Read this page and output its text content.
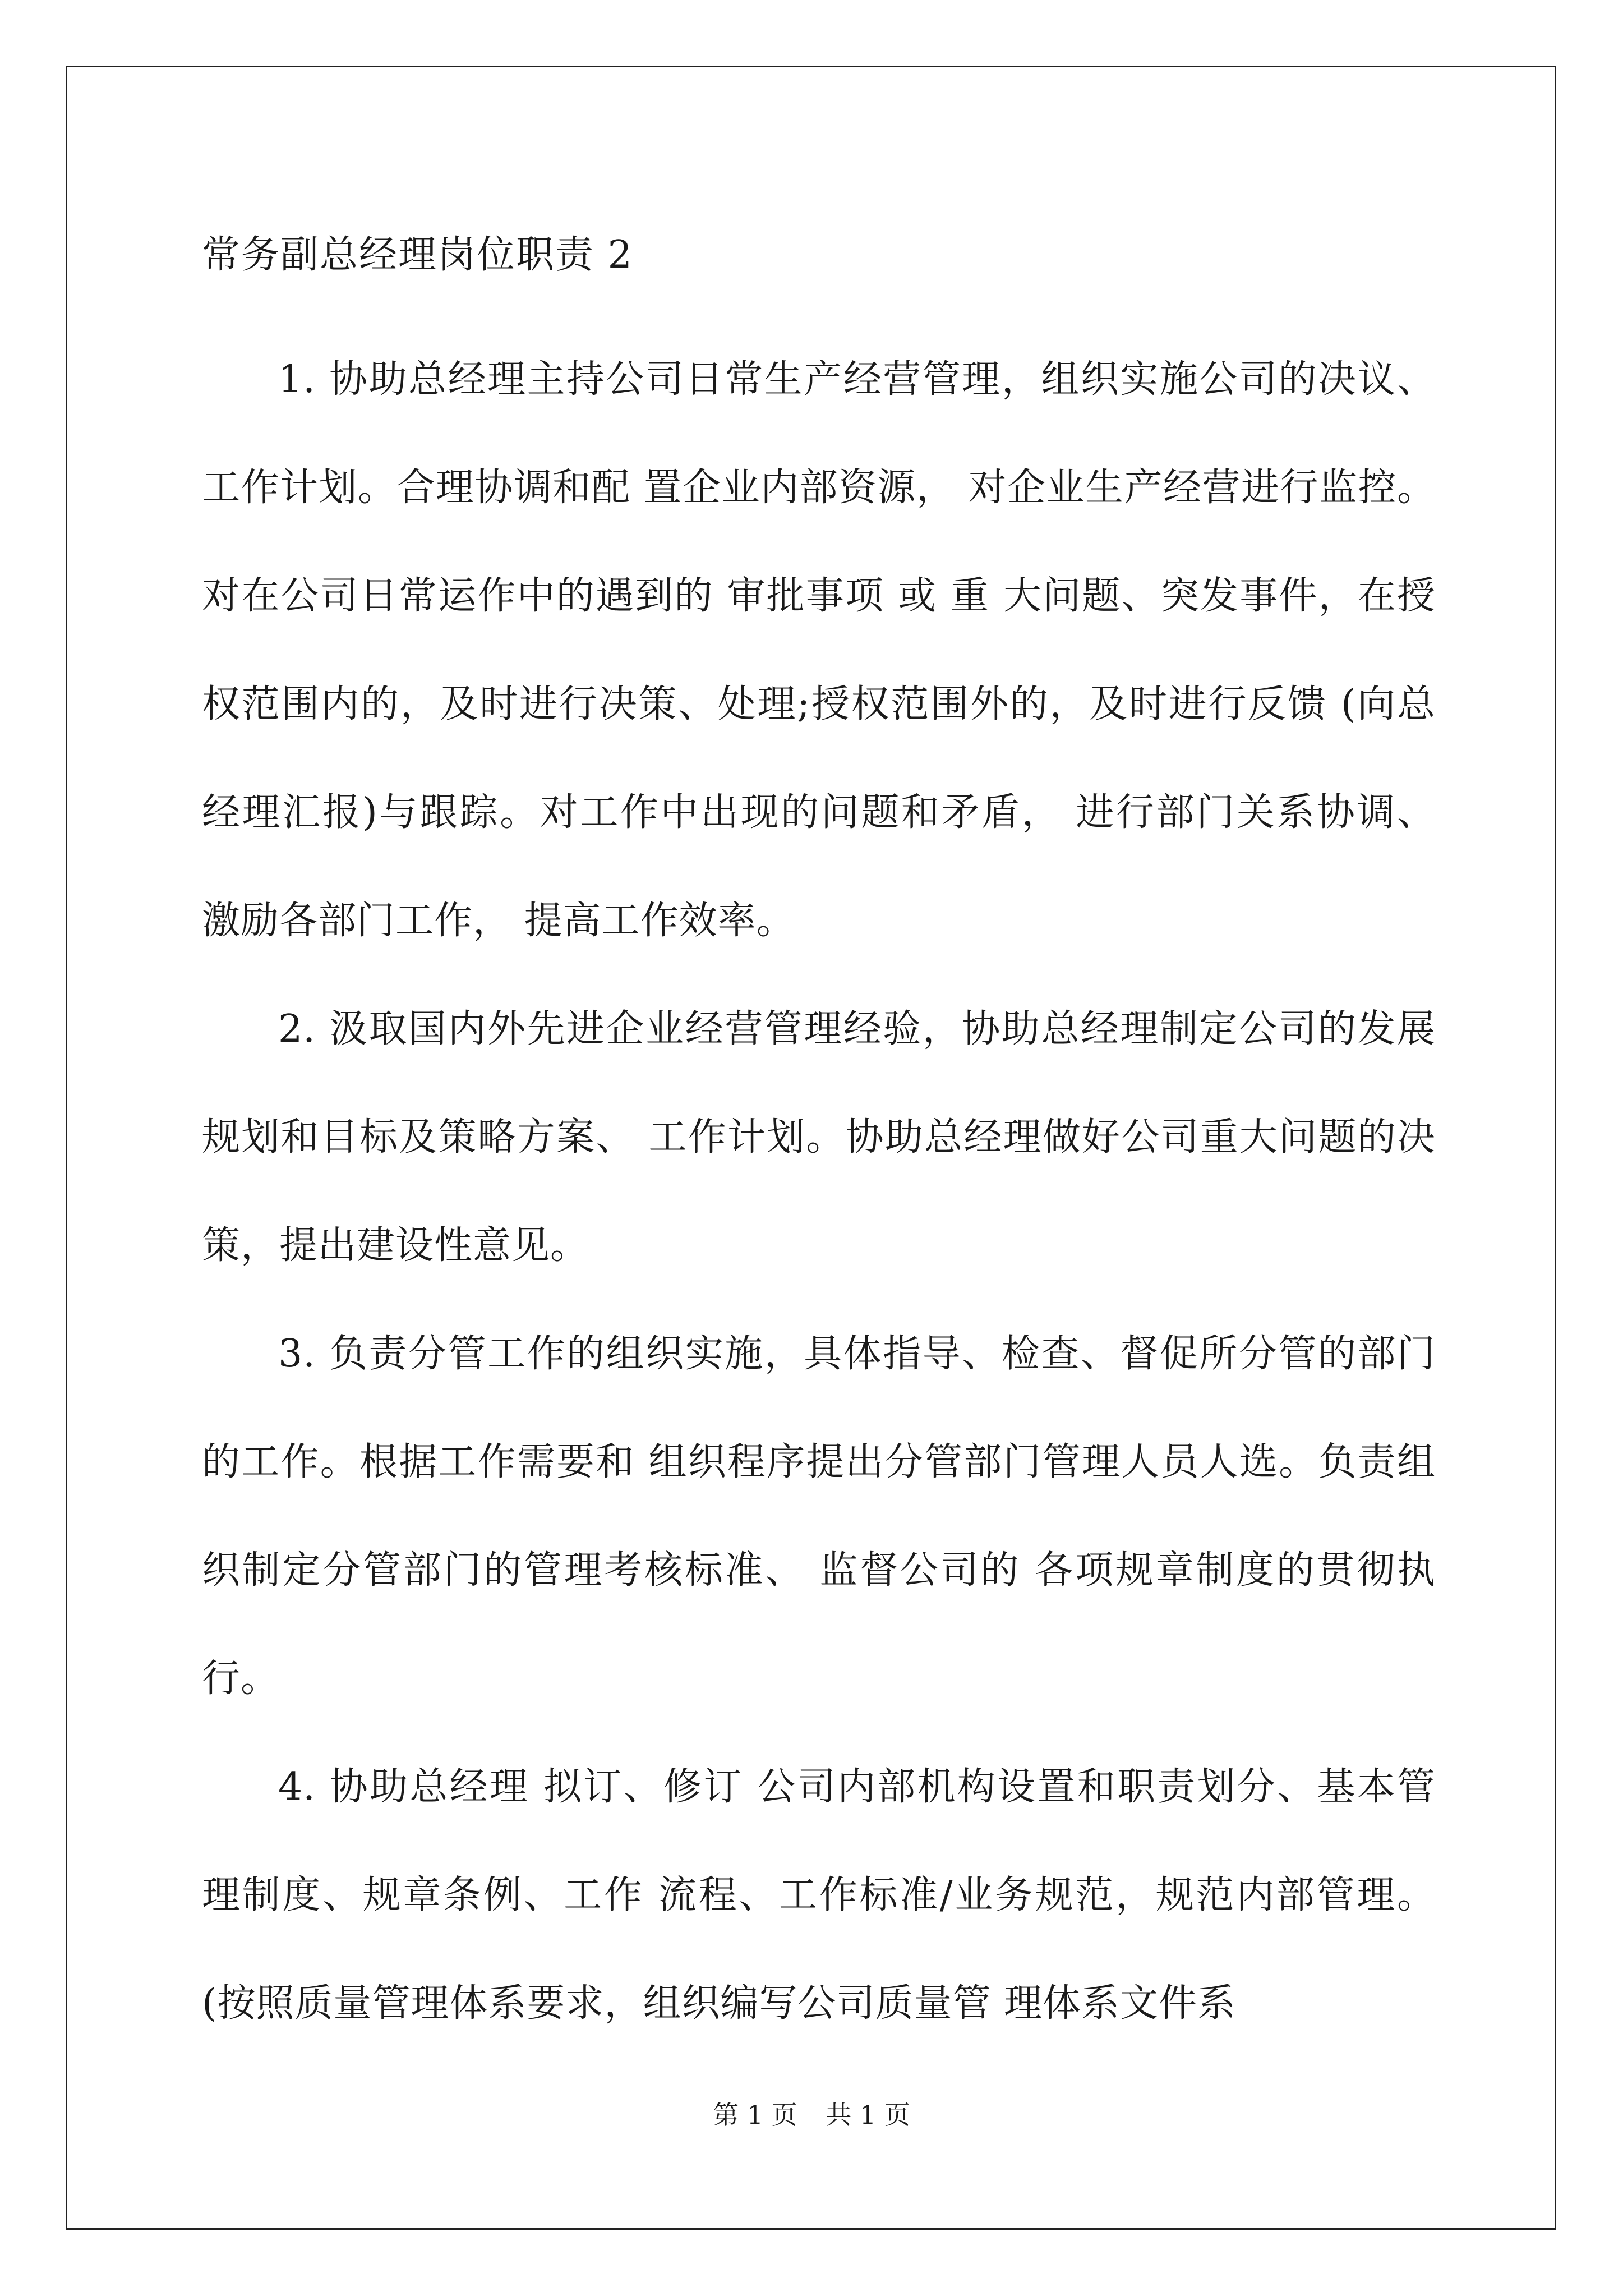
常务副总经理岗位职责 2

1. 协助总经理主持公司日常生产经营管理，组织实施公司的决议、工作计划。合理协调和配 置企业内部资源， 对企业生产经营进行监控。 对在公司日常运作中的遇到的 审批事项 或 重 大问题、突发事件，在授权范围内的，及时进行决策、处理;授权范围外的，及时进行反馈 (向总经理汇报)与跟踪。对工作中出现的问题和矛盾， 进行部门关系协调、 激励各部门工作， 提高工作效率。

2. 汲取国内外先进企业经营管理经验，协助总经理制定公司的发展规划和目标及策略方案、 工作计划。协助总经理做好公司重大问题的决策，提出建设性意见。

3. 负责分管工作的组织实施，具体指导、检查、督促所分管的部门的工作。根据工作需要和 组织程序提出分管部门管理人员人选。负责组织制定分管部门的管理考核标准、 监督公司的 各项规章制度的贯彻执行。

4. 协助总经理 拟订、修订 公司内部机构设置和职责划分、基本管理制度、规章条例、工作 流程、工作标准/业务规范，规范内部管理。(按照质量管理体系要求，组织编写公司质量管 理体系文件系

第 1 页 共 1 页
